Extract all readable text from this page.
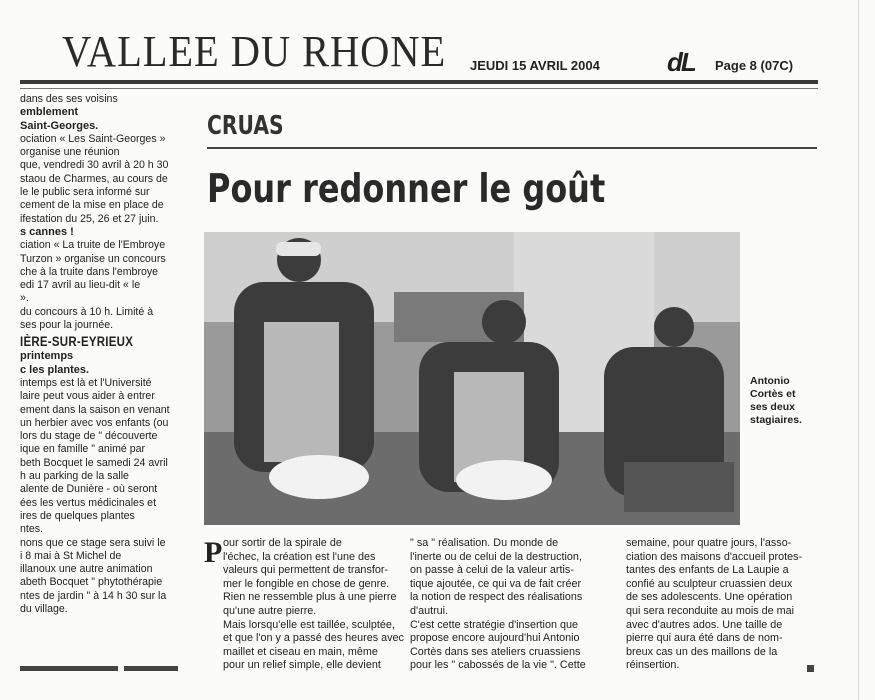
VALLEE DU RHONE JEUDI 15 AVRIL 2004	dL Page 8 (07C)

dans des ses voisins

emblement

Saint-Georges.

ociation « Les Saint-Georges »

organise une réunion

que, vendredi 30 avril à 20 h 30

staou de Charmes, au cours de

le le public sera informé sur

cement de la mise en place de

ifestation du 25, 26 et 27 juin.

s cannes !

ciation « La truite de l'Embroye

Turzon » organise un concours

che à la truite dans l'embroye

edi 17 avril au lieu-dit « le

».

du concours à 10 h. Limité à

ses pour la journée.

IÈRE-SUR-EYRIEUX

printemps

c les plantes.

intemps est là et l'Université

laire peut vous aider à entrer

ement dans la saison en venant

un herbier avec vos enfants (ou

lors du stage de " découverte

ique en famille " animé par

beth Bocquet le samedi 24 avril

h au parking de la salle

alente de Dunière - où seront

ées les vertus médicinales et

ires de quelques plantes

ntes.

nons que ce stage sera suivi le

i 8 mai à St Michel de

illanoux une autre animation

abeth Bocquet " phytothérapie

ntes de jardin " à 14 h 30 sur la

du village.

CRUAS
Pour redonner le goût
Antonio
Cortès et
ses deux
stagiaires.
P our sortir de la spirale de

l'échec, la création est l'une des

valeurs qui permettent de transfor-

mer le fongible en chose de genre.

Rien ne ressemble plus à une pierre

qu'une autre pierre.

Mais lorsqu'elle est taillée, sculptée,

et que l'on y a passé des heures avec

maillet et ciseau en main, même

pour un relief simple, elle devient

" sa " réalisation. Du monde de

l'inerte ou de celui de la destruction,

on passe à celui de la valeur artis-

tique ajoutée, ce qui va de fait créer

la notion de respect des réalisations

d'autrui.

C'est cette stratégie d'insertion que

propose encore aujourd'hui Antonio

Cortès dans ses ateliers cruassiens

pour les " cabossés de la vie ". Cette

semaine, pour quatre jours, l'asso-

ciation des maisons d'accueil protes-

tantes des enfants de La Laupie a

confié au sculpteur cruassien deux

de ses adolescents. Une opération

qui sera reconduite au mois de mai

avec d'autres ados. Une taille de

pierre qui aura été dans de nom-

breux cas un des maillons de la

réinsertion.
